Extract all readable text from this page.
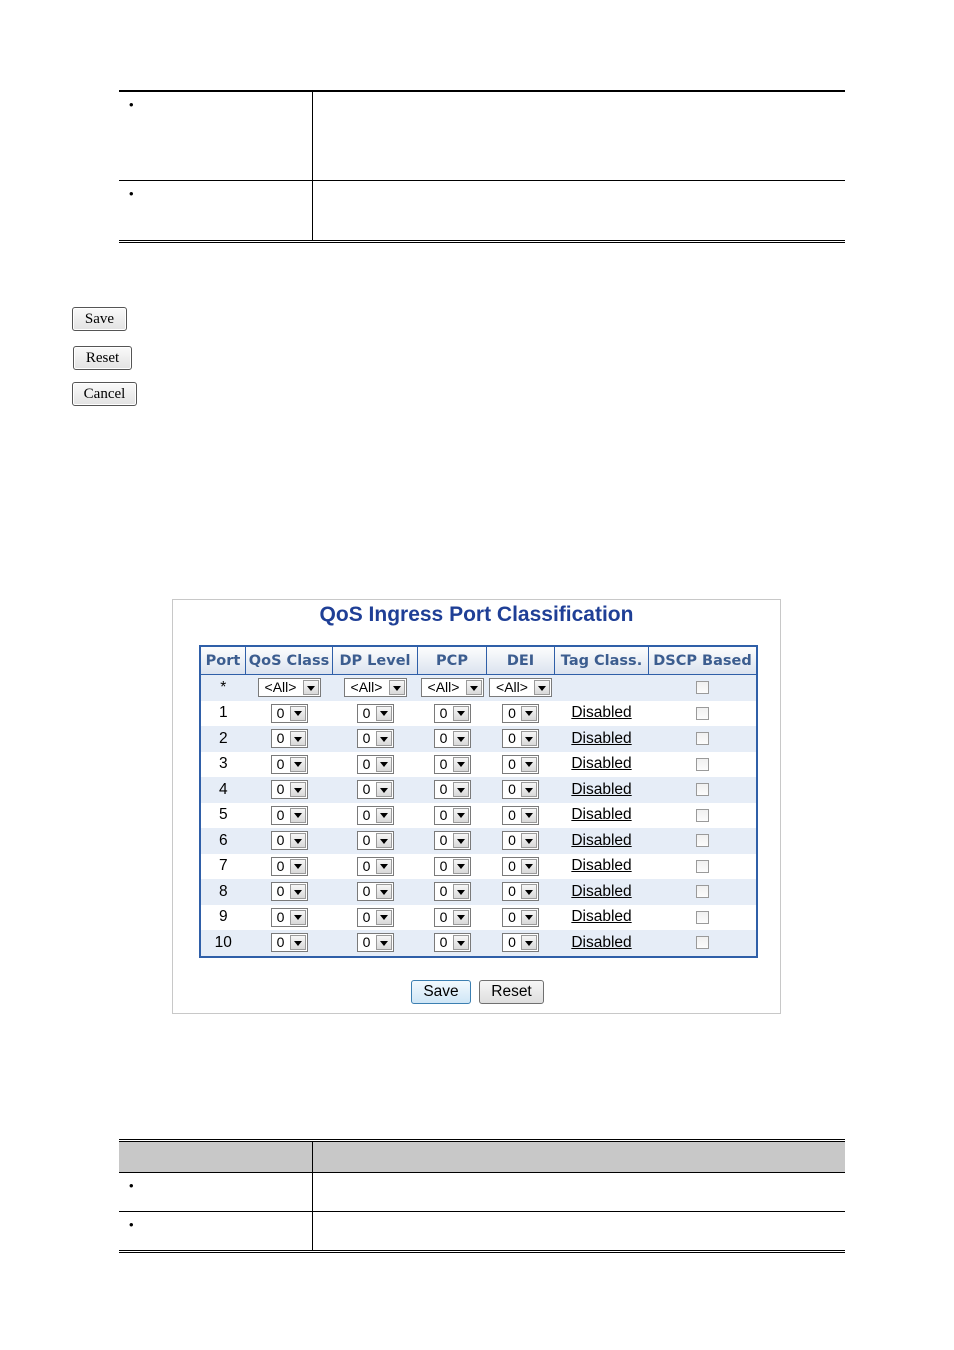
•	
•	
Save
Reset
Cancel
QoS Ingress Port Classification
Port	QoS Class	DP Level	PCP	DEI	Tag Class.	DSCP Based
*	<All>	<All>	<All>	<All>		

1	0	0	0	0	Disabled	
2	0	0	0	0	Disabled	
3	0	0	0	0	Disabled	
4	0	0	0	0	Disabled	
5	0	0	0	0	Disabled	
6	0	0	0	0	Disabled	
7	0	0	0	0	Disabled	
8	0	0	0	0	Disabled	
9	0	0	0	0	Disabled	
10	0	0	0	0	Disabled	
Save	Reset

•	
•	
